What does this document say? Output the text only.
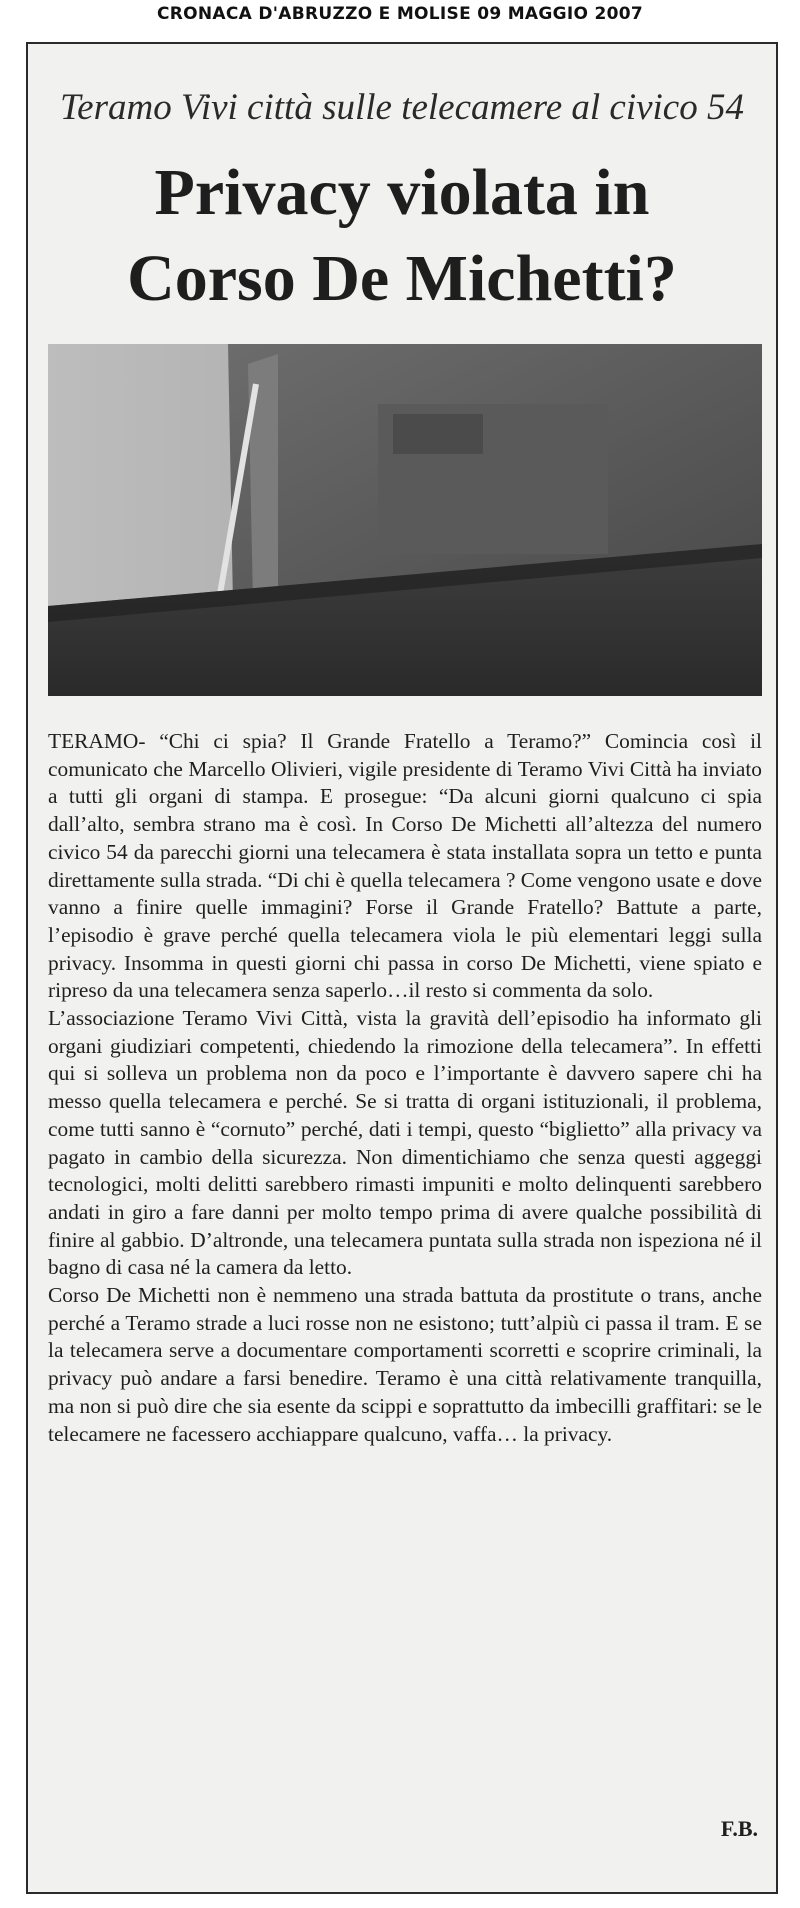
CRONACA D'ABRUZZO E MOLISE 09 MAGGIO 2007
Teramo Vivi città sulle telecamere al civico 54
Privacy violata in
Corso De Michetti?

TERAMO- “Chi ci spia? Il Grande Fratello a Teramo?” Comincia così il comunicato che Marcello Olivieri, vigile presidente di Teramo Vivi Città ha inviato a tutti gli organi di stampa. E prosegue: “Da alcuni giorni qualcuno ci spia dall’alto, sembra strano ma è così. In Corso De Michetti all’altezza del numero civico 54 da parecchi giorni una telecamera è stata installata sopra un tetto e punta direttamente sulla strada. “Di chi è quella telecamera ? Come vengono usate e dove vanno a finire quelle immagini? Forse il Grande Fratello? Battute a parte, l’episodio è grave perché quella telecamera viola le più elementari leggi sulla privacy. Insomma in questi giorni chi passa in corso De Michetti, viene spiato e ripreso da una telecamera senza saperlo…il resto si commenta da solo.

L’associazione Teramo Vivi Città, vista la gravità dell’episodio ha informato gli organi giudiziari competenti, chiedendo la rimozione della telecamera”. In effetti qui si solleva un problema non da poco e l’importante è davvero sapere chi ha messo quella telecamera e perché. Se si tratta di organi istituzionali, il problema, come tutti sanno è “cornuto” perché, dati i tempi, questo “biglietto” alla privacy va pagato in cambio della sicurezza. Non dimentichiamo che senza questi aggeggi tecnologici, molti delitti sarebbero rimasti impuniti e molto delinquenti sarebbero andati in giro a fare danni per molto tempo prima di avere qualche possibilità di finire al gabbio. D’altronde, una telecamera puntata sulla strada non ispeziona né il bagno di casa né la camera da letto.

Corso De Michetti non è nemmeno una strada battuta da prostitute o trans, anche perché a Teramo strade a luci rosse non ne esistono; tutt’alpiù ci passa il tram. E se la telecamera serve a documentare comportamenti scorretti e scoprire criminali, la privacy può andare a farsi benedire. Teramo è una città relativamente tranquilla, ma non si può dire che sia esente da scippi e soprattutto da imbecilli graffitari: se le telecamere ne facessero acchiappare qualcuno, vaffa… la privacy.

F.B.
